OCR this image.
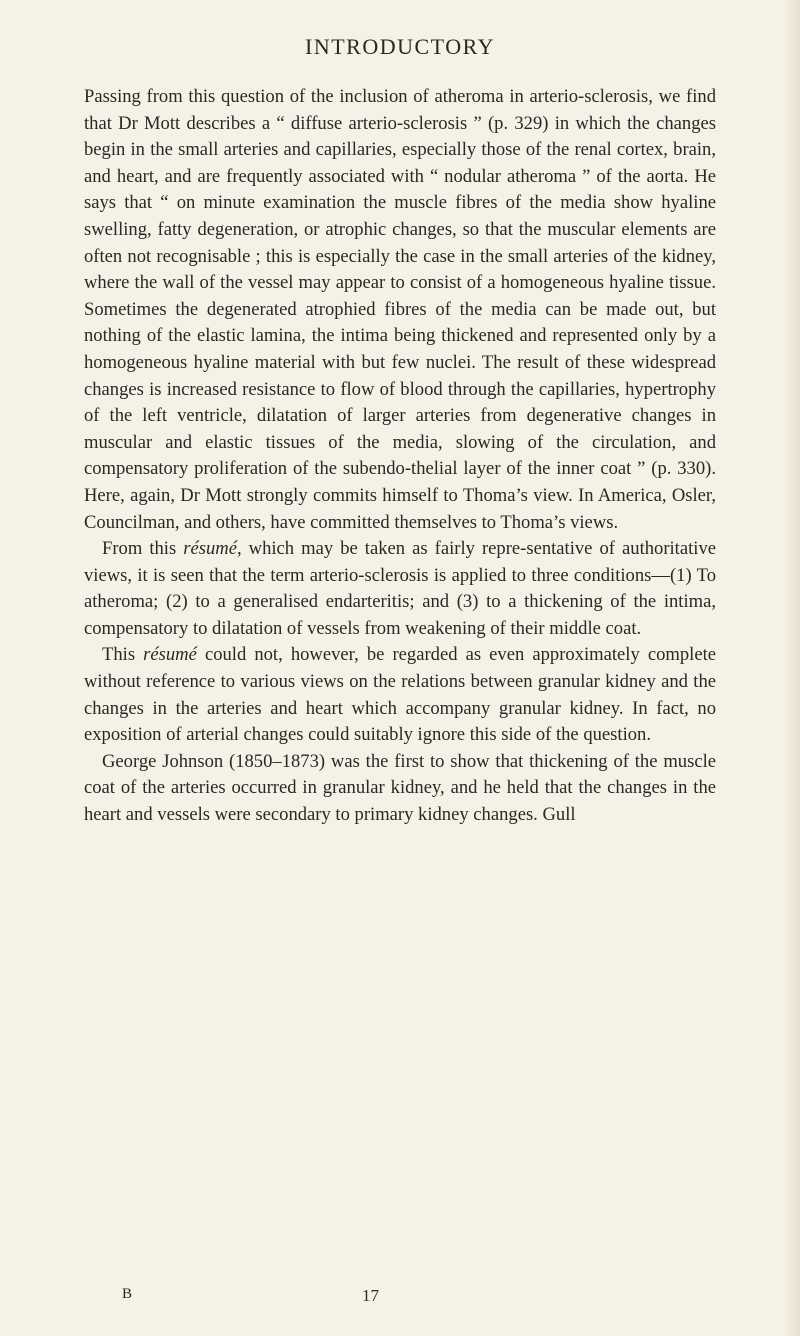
INTRODUCTORY

Passing from this question of the inclusion of atheroma in arterio-sclerosis, we find that Dr Mott describes a “ diffuse arterio-sclerosis ” (p. 329) in which the changes begin in the small arteries and capillaries, especially those of the renal cortex, brain, and heart, and are frequently associated with “ nodular atheroma ” of the aorta. He says that “ on minute examination the muscle fibres of the media show hyaline swelling, fatty degeneration, or atrophic changes, so that the muscular elements are often not recognisable ; this is especially the case in the small arteries of the kidney, where the wall of the vessel may appear to consist of a homogeneous hyaline tissue. Sometimes the degenerated atrophied fibres of the media can be made out, but nothing of the elastic lamina, the intima being thickened and represented only by a homogeneous hyaline material with but few nuclei. The result of these widespread changes is increased resistance to flow of blood through the capillaries, hypertrophy of the left ventricle, dilatation of larger arteries from degenerative changes in muscular and elastic tissues of the media, slowing of the circulation, and compensatory proliferation of the subendo-thelial layer of the inner coat ” (p. 330). Here, again, Dr Mott strongly commits himself to Thoma’s view. In America, Osler, Councilman, and others, have committed themselves to Thoma’s views.

From this résumé, which may be taken as fairly repre-sentative of authoritative views, it is seen that the term arterio-sclerosis is applied to three conditions—(1) To atheroma; (2) to a generalised endarteritis; and (3) to a thickening of the intima, compensatory to dilatation of vessels from weakening of their middle coat.

This résumé could not, however, be regarded as even approximately complete without reference to various views on the relations between granular kidney and the changes in the arteries and heart which accompany granular kidney. In fact, no exposition of arterial changes could suitably ignore this side of the question.

George Johnson (1850–1873) was the first to show that thickening of the muscle coat of the arteries occurred in granular kidney, and he held that the changes in the heart and vessels were secondary to primary kidney changes. Gull

B	17
